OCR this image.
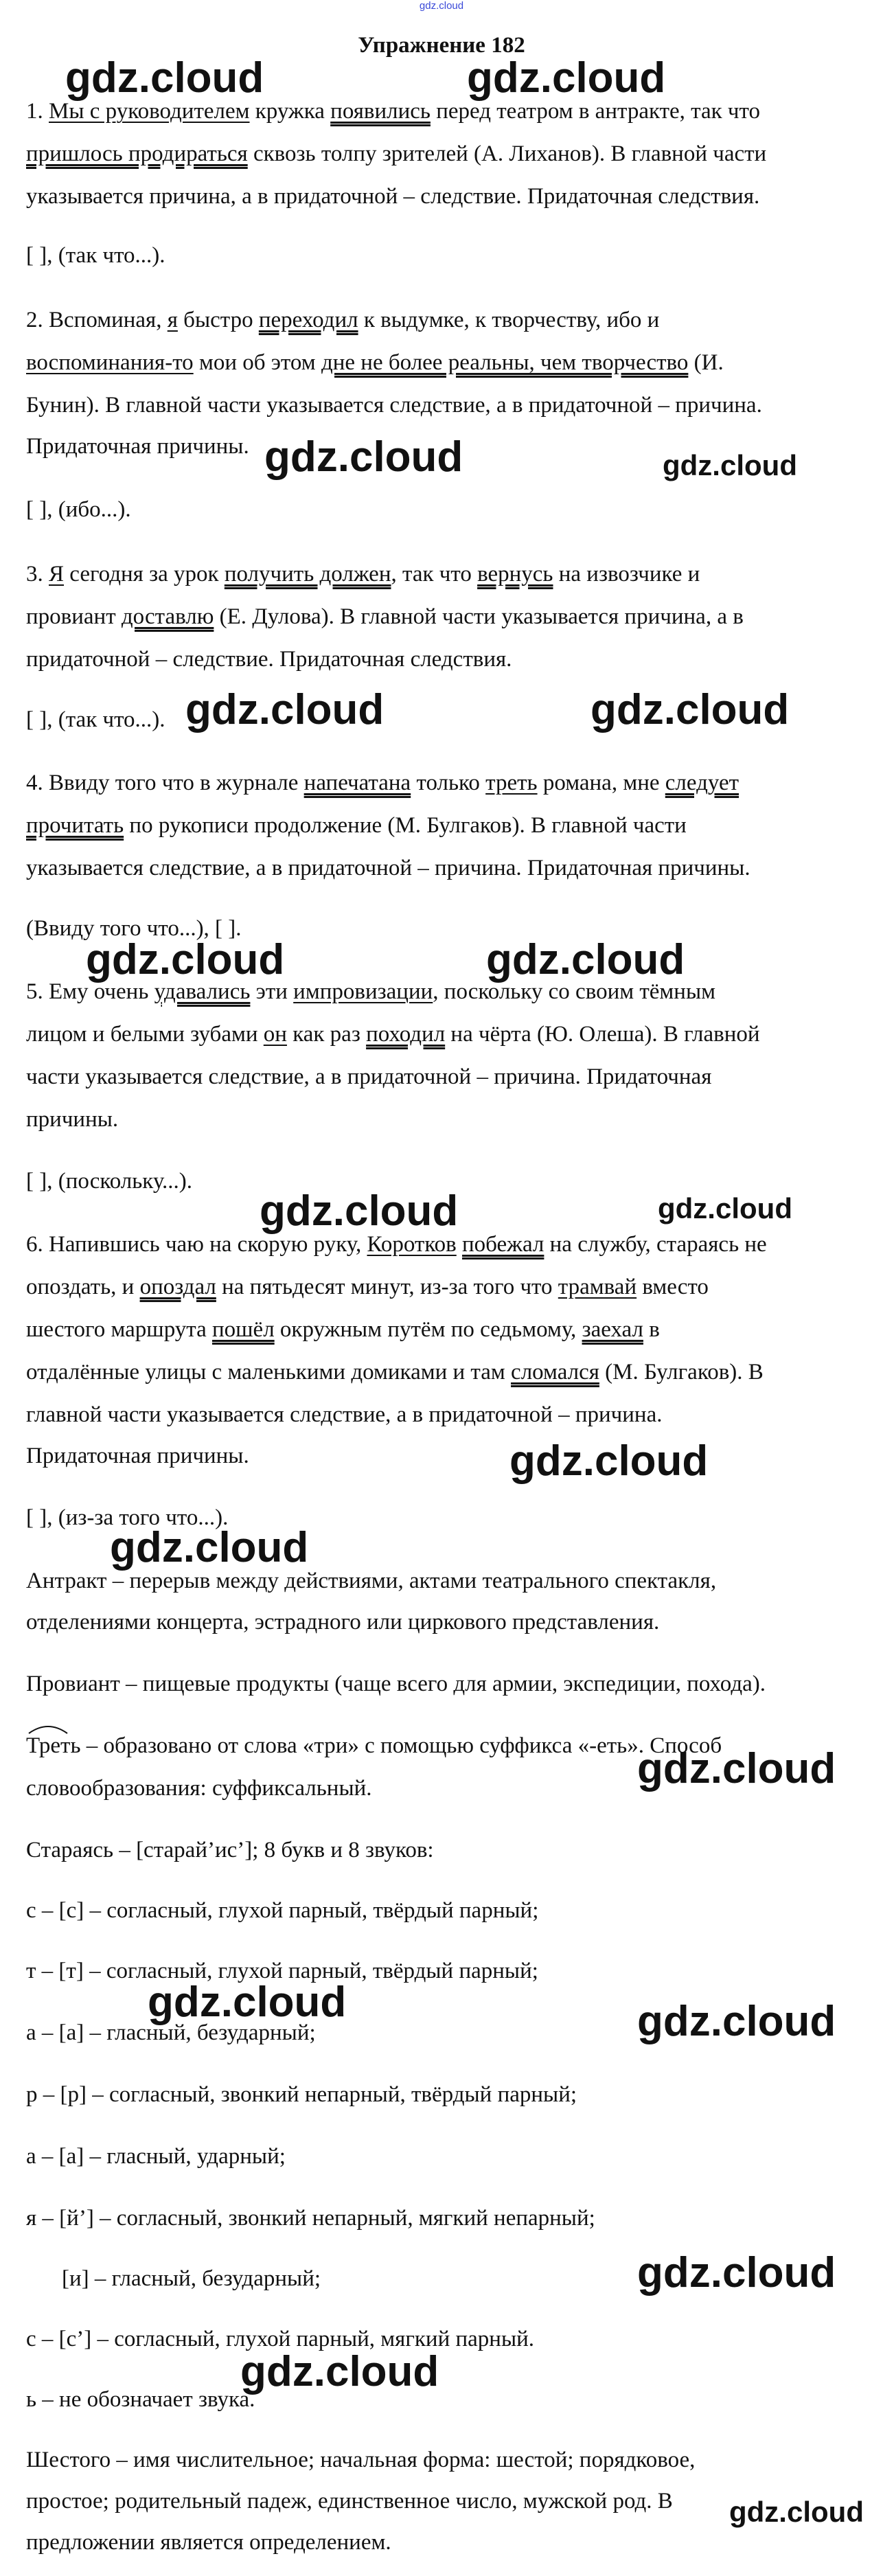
gdz.cloud
Упражнение 182
1. Мы с руководителем кружка появились перед театром в антракте, так что
пришлось продираться сквозь толпу зрителей (А. Лиханов). В главной части
указывается причина, а в придаточной – следствие. Придаточная следствия.
[ ], (так что...).
2. Вспоминая, я быстро переходил к выдумке, к творчеству, ибо и
воспоминания-то мои об этом дне не более реальны, чем творчество (И.
Бунин). В главной части указывается следствие, а в придаточной – причина.
Придаточная причины.
[ ], (ибо...).
3. Я сегодня за урок получить должен, так что вернусь на извозчике и
провиант доставлю (Е. Дулова). В главной части указывается причина, а в
придаточной – следствие. Придаточная следствия.
[ ], (так что...).
4. Ввиду того что в журнале напечатана только треть романа, мне следует
прочитать по рукописи продолжение (М. Булгаков). В главной части
указывается следствие, а в придаточной – причина. Придаточная причины.
(Ввиду того что...), [ ].
5. Ему очень удавались эти импровизации, поскольку со своим тёмным
лицом и белыми зубами он как раз походил на чёрта (Ю. Олеша). В главной
части указывается следствие, а в придаточной – причина. Придаточная
причины.
[ ], (поскольку...).
6. Напившись чаю на скорую руку, Коротков побежал на службу, стараясь не
опоздать, и опоздал на пятьдесят минут, из-за того что трамвай вместо
шестого маршрута пошёл окружным путём по седьмому, заехал в
отдалённые улицы с маленькими домиками и там сломался (М. Булгаков). В
главной части указывается следствие, а в придаточной – причина.
Придаточная причины.
[ ], (из-за того что...).
Антракт – перерыв между действиями, актами театрального спектакля,
отделениями концерта, эстрадного или циркового представления.
Провиант – пищевые продукты (чаще всего для армии, экспедиции, похода).
Треть – образовано от слова «три» с помощью суффикса «-еть». Способ
словообразования: суффиксальный.
Стараясь – [старай’ис’]; 8 букв и 8 звуков:
с – [с] – согласный, глухой парный, твёрдый парный;
т – [т] – согласный, глухой парный, твёрдый парный;
а – [а] – гласный, безударный;
р – [р] – согласный, звонкий непарный, твёрдый парный;
а – [а] – гласный, ударный;
я – [й’] – согласный, звонкий непарный, мягкий непарный;
[и] – гласный, безударный;
с – [с’] – согласный, глухой парный, мягкий парный.
ь – не обозначает звука.
Шестого – имя числительное; начальная форма: шестой; порядковое,
простое; родительный падеж, единственное число, мужской род. В
предложении является определением.
gdz.cloud	gdz.cloud
gdz.cloud	gdz.cloud
gdz.cloud	gdz.cloud
gdz.cloud	gdz.cloud
gdz.cloud	gdz.cloud
gdz.cloud
gdz.cloud
gdz.cloud
gdz.cloud	gdz.cloud
gdz.cloud
gdz.cloud
gdz.cloud
